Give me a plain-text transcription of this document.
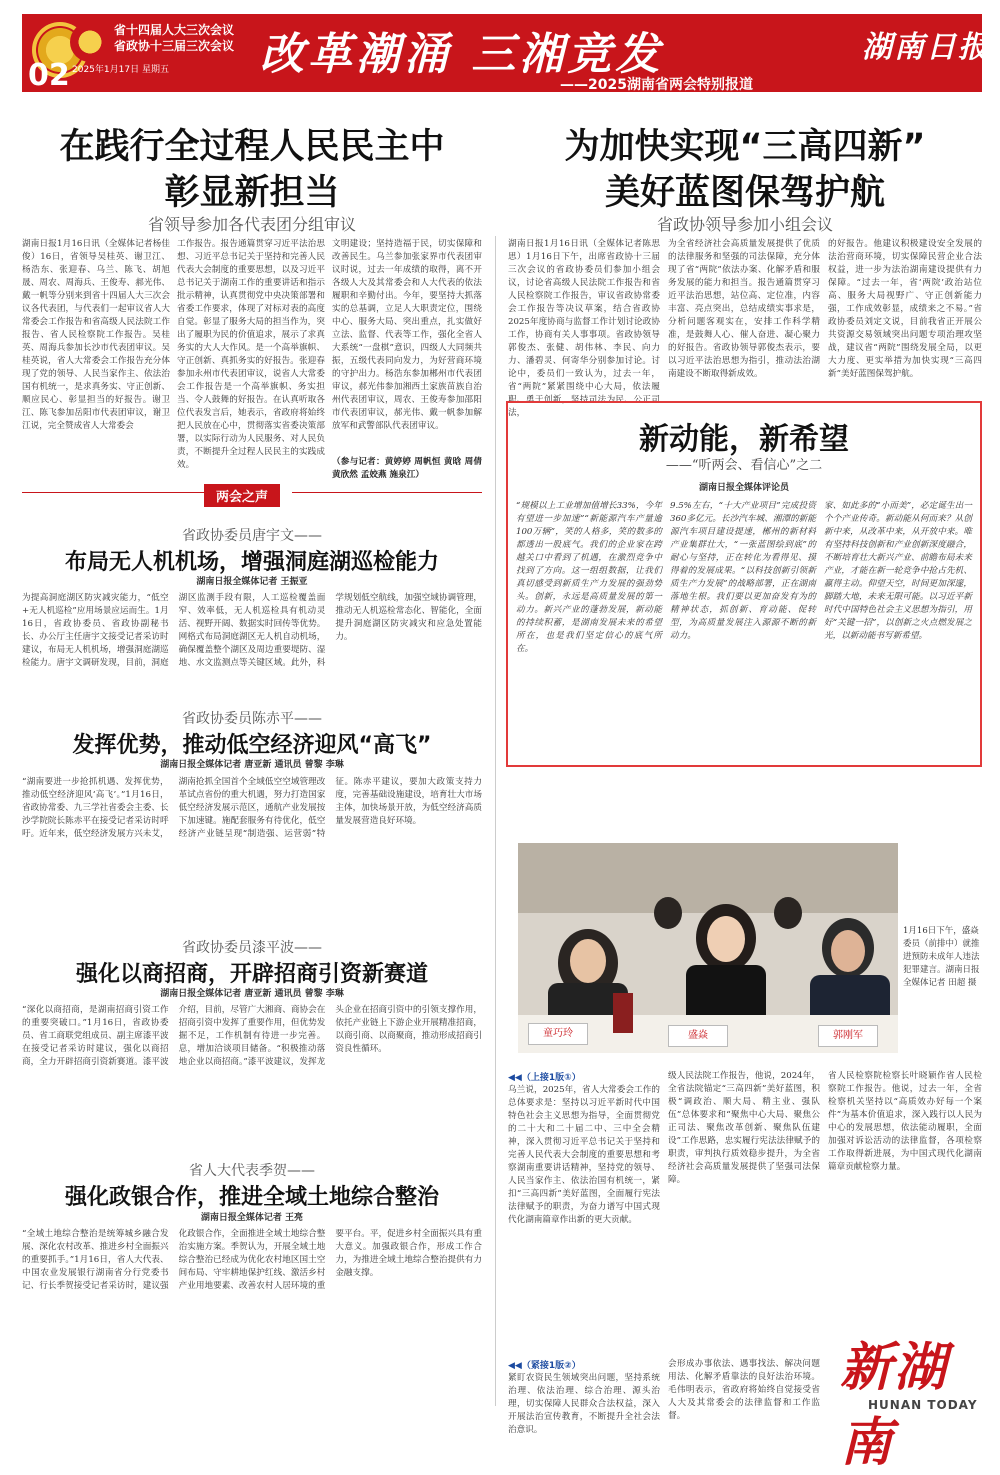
省十四届人大三次会议
省政协十三届三次会议
02 2025年1月17日 星期五	改革潮涌 三湘竞发
——2025湖南省两会特别报道
湖南日报
在践行全过程人民民主中
彰显新担当
省领导参加各代表团分组审议
湖南日报1月16日讯（全媒体记者杨佳俊）16日，省领导吴桂英、谢卫江、杨浩东、张迎春、乌兰、陈飞、胡旭晟、周农、周海兵、王俊寿、郝光伟、戴一帆等分别来到省十四届人大三次会议各代表团，与代表们一起审议省人大常委会工作报告和省高级人民法院工作报告、省人民检察院工作报告。吴桂英、周海兵参加长沙市代表团审议。吴桂英说，省人大常委会工作报告充分体现了党的领导、人民当家作主、依法治国有机统一，是求真务实、守正创新、顺应民心、彰显担当的好报告。谢卫江、陈飞参加岳阳市代表团审议，谢卫江说，完全赞成省人大常委会
工作报告。报告通篇贯穿习近平法治思想、习近平总书记关于坚持和完善人民代表大会制度的重要思想，以及习近平总书记关于湖南工作的重要讲话和指示批示精神，认真贯彻党中央决策部署和省委工作要求，体现了对标对表的高度自觉。彰显了服务大局的担当作为，突出了履职为民的价值追求，展示了求真务实的大人大作风。是一个高举旗帜、守正创新、真抓务实的好报告。张迎春参加永州市代表团审议，说省人大常委会工作报告是一个高举旗帜、务实担当、令人鼓舞的好报告。在认真听取各位代表发言后，她表示，省政府将始终把人民放在心中，贯彻落实省委决策部署，以实际行动为人民服务、对人民负责，不断提升全过程人民民主的实践成效。
文明建设；坚持造福于民，切实保障和改善民生。乌兰参加张家界市代表团审议时说，过去一年成绩的取得，离不开各级人大及其常委会和人大代表的依法履职和辛勤付出。今年，要坚持大抓落实的总基调，立足人大职责定位，围绕中心、服务大局、突出重点，扎实做好立法、监督、代表等工作，强化全省人大系统“一盘棋”意识，四级人大同频共振，五级代表同向发力，为好营商环境的守护出力。杨浩东参加郴州市代表团审议，郝光伟参加湘西土家族苗族自治州代表团审议，周农、王俊寿参加邵阳市代表团审议，郝光伟、戴一帆参加解放军和武警部队代表团审议。
（参与记者：黄婷婷 周帆恒 黄晗 周倩 黄欣然 孟姣燕 施泉江）
为加快实现“三高四新”
美好蓝图保驾护航
省政协领导参加小组会议
湖南日报1月16日讯（全媒体记者陈思思）1月16日下午，出席省政协十三届三次会议的省政协委员们参加小组会议，讨论省高级人民法院工作报告和省人民检察院工作报告，审议省政协常委会工作报告等决议草案，结合省政协2025年度协商与监督工作计划讨论政协工作，协商有关人事事项。省政协领导郭俊杰、张健、胡伟林、李民、向力力、潘碧灵、何寄华分别参加讨论。讨论中，委员们一致认为，过去一年，省“两院”紧紧围绕中心大局，依法履职、勇于创新，坚持司法为民、公正司法，
为全省经济社会高质量发展提供了优质的法律服务和坚强的司法保障，充分体现了省“两院”依法办案、化解矛盾和服务发展的能力和担当。报告通篇贯穿习近平法治思想，站位高、定位准，内容丰富、亮点突出，总结成绩实事求是，分析问题客观实在，安排工作科学精准，是鼓舞人心、催人奋进、凝心聚力的好报告。省政协领导郭俊杰表示，要以习近平法治思想为指引，推动法治湖南建设不断取得新成效。
的好报告。他建议积极建设安全发展的法治营商环境，切实保障民营企业合法权益，进一步为法治湖南建设提供有力保障。“过去一年，省‘两院’政治站位高、服务大局视野广、守正创新能力强，工作成效彰显，成绩来之不易。”省政协委员刘定文说，目前我省正开展公共资源交易领域突出问题专项治理攻坚战，建议省“两院”围绕发展全局，以更大力度、更实举措为加快实现“三高四新”美好蓝图保驾护航。
新动能，新希望
——“听两会、看信心”之二
湖南日报全媒体评论员
“规模以上工业增加值增长33%，今年有望进一步加速”“新能源汽车产量逾100万辆”，笑的人格多，笑的数多的都透出一股底气。我们的企业家在跨越关口中看到了机遇，在激烈竞争中找到了方向。这一组组数据，让我们真切感受到新质生产力发展的强劲势头。创新，永远是高质量发展的第一动力。新兴产业的蓬勃发展，新动能的持续积蓄，是湖南发展未来的希望所在，也是我们坚定信心的底气所在。
9.5%左右，“十大产业项目”完成投资360多亿元。长沙汽车城、湘潭的新能源汽车项目建设提速，郴州的新材料产业集群壮大，“一张蓝图绘到底”的耐心与坚持，正在转化为看得见、摸得着的发展成果。“以科技创新引领新质生产力发展”的战略部署，正在湖南落地生根。我们要以更加奋发有为的精神状态，抓创新、育动能、促转型，为高质量发展注入源源不断的新动力。
家、如此多的“小而美”，必定诞生出一个个产业传奇。新动能从何而来？从创新中来，从改革中来，从开放中来。唯有坚持科技创新和产业创新深度融合，不断培育壮大新兴产业、前瞻布局未来产业，才能在新一轮竞争中抢占先机、赢得主动。仰望天空，时间更加深邃，脚踏大地，未来无限可能。以习近平新时代中国特色社会主义思想为指引，用好“关键一招”，以创新之火点燃发展之光，以新动能书写新希望。
两会之声
省政协委员唐宇文——
布局无人机机场，增强洞庭湖巡检能力
湖南日报全媒体记者 王振亚
为提高洞庭湖区防灾减灾能力，“低空+无人机巡检”应用场景应运而生。1月16日，省政协委员、省政协副秘书长、办公厅主任唐宇文接受记者采访时建议，布局无人机机场，增强洞庭湖巡检能力。唐宇文调研发现，目前，洞庭湖区监测手段有限，人工巡检覆盖面窄、效率低，无人机巡检具有机动灵活、视野开阔、数据实时回传等优势。网格式布局洞庭湖区无人机自动机场，确保覆盖整个湖区及周边重要堤防、湿地、水文监测点等关键区域。此外，科学规划低空航线，加强空域协调管理，推动无人机巡检常态化、智能化，全面提升洞庭湖区防灾减灾和应急处置能力。
省政协委员陈赤平——
发挥优势，推动低空经济迎风“高飞”
湖南日报全媒体记者 唐亚新 通讯员 曾黎 李琳
“湖南要进一步抢抓机遇、发挥优势，推动低空经济迎风‘高飞’。”1月16日，省政协常委、九三学社省委会主委、长沙学院院长陈赤平在接受记者采访时呼吁。近年来，低空经济发展方兴未艾，湖南抢抓全国首个全域低空空域管理改革试点省份的重大机遇，努力打造国家低空经济发展示范区，通航产业发展按下加速键。施配套服务有待优化，低空经济产业链呈现“制造强、运营弱”特征。陈赤平建议，要加大政策支持力度，完善基础设施建设，培育壮大市场主体，加快场景开放，为低空经济高质量发展营造良好环境。
省政协委员漆平波——
强化以商招商，开辟招商引资新赛道
湖南日报全媒体记者 唐亚新 通讯员 曾黎 李琳
“深化以商招商，是湖南招商引资工作的重要突破口。”1月16日，省政协委员、省工商联党组成员、副主席漆平波在接受记者采访时建议，强化以商招商，全力开辟招商引资新赛道。漆平波介绍，目前，尽管广大湘商、商协会在招商引资中发挥了重要作用，但优势发掘不足，工作机制有待进一步完善。息，增加洽谈项目储备。“积极推动落地企业以商招商。”漆平波建议，发挥龙头企业在招商引资中的引领支撑作用，依托产业链上下游企业开展精准招商，以商引商、以商聚商，推动形成招商引资良性循环。
省人大代表季贺——
强化政银合作，推进全域土地综合整治
湖南日报全媒体记者 王亮
“全域土地综合整治是统筹城乡融合发展、深化农村改革、推进乡村全面振兴的重要抓手。”1月16日，省人大代表、中国农业发展银行湖南省分行党委书记、行长季贺接受记者采访时，建议强化政银合作，全面推进全域土地综合整治实施方案。季贺认为，开展全域土地综合整治已经成为优化农村地区国土空间布局、守牢耕地保护红线、激活乡村产业用地要素、改善农村人居环境的重要平台。平，促进乡村全面振兴具有重大意义。加强政银合作，形成工作合力，为推进全域土地综合整治提供有力金融支撑。
童巧玲	盛焱	郭刚军
1月16日下午，盛焱委员（前排中）就推进预防未成年人违法犯罪建言。湖南日报全媒体记者 田超 摄
◀◀（上接1版①）
乌兰说，2025年，省人大常委会工作的总体要求是：坚持以习近平新时代中国特色社会主义思想为指导，全面贯彻党的二十大和二十届二中、三中全会精神，深入贯彻习近平总书记关于坚持和完善人民代表大会制度的重要思想和考察湖南重要讲话精神，坚持党的领导、人民当家作主、依法治国有机统一，紧扣“三高四新”美好蓝图，全面履行宪法法律赋予的职责，为奋力谱写中国式现代化湖南篇章作出新的更大贡献。
级人民法院工作报告，他说，2024年，全省法院锚定“三高四新”美好蓝图，积极“调政治、顺大局、精主业、强队伍”总体要求和“聚焦中心大局、聚焦公正司法、聚焦改革创新、聚焦队伍建设”工作思路，忠实履行宪法法律赋予的职责，审判执行质效稳步提升，为全省经济社会高质量发展提供了坚强司法保障。
省人民检察院检察长叶晓颖作省人民检察院工作报告。他说，过去一年，全省检察机关坚持以“高质效办好每一个案件”为基本价值追求，深入践行以人民为中心的发展思想，依法能动履职，全面加强对诉讼活动的法律监督，各项检察工作取得新进展，为中国式现代化湖南篇章贡献检察力量。
◀◀（紧接1版②）
紧盯农资民生领域突出问题，坚持系统治理、依法治理、综合治理、源头治理，切实保障人民群众合法权益，深入开展法治宣传教育，不断提升全社会法治意识。
会形成办事依法、遇事找法、解决问题用法、化解矛盾靠法的良好法治环境。毛伟明表示，省政府将始终自觉接受省人大及其常委会的法律监督和工作监督。
新湖南
HUNAN TODAY
